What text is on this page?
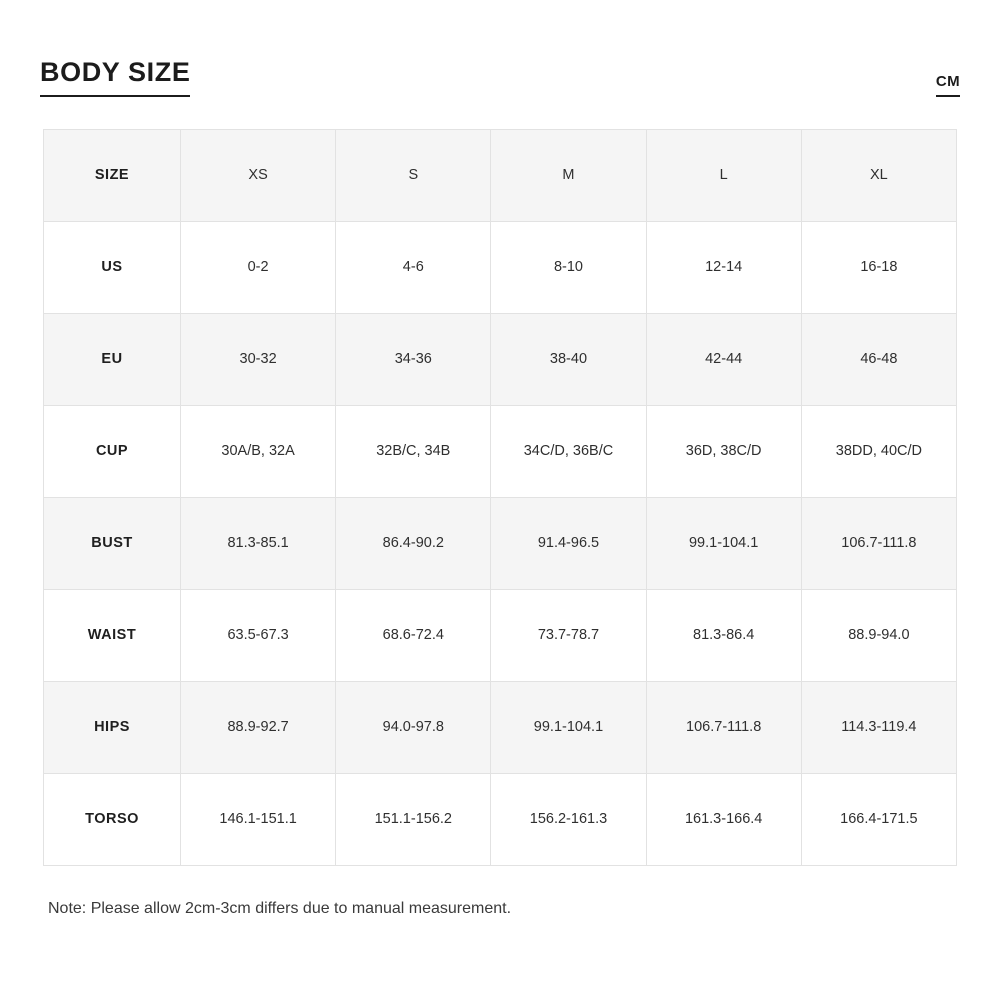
BODY SIZE	CM
SIZE	XS	S	M	L	XL
US	0-2	4-6	8-10	12-14	16-18
EU	30-32	34-36	38-40	42-44	46-48
CUP	30A/B, 32A	32B/C, 34B	34C/D, 36B/C	36D, 38C/D	38DD, 40C/D
BUST	81.3-85.1	86.4-90.2	91.4-96.5	99.1-104.1	106.7-111.8
WAIST	63.5-67.3	68.6-72.4	73.7-78.7	81.3-86.4	88.9-94.0
HIPS	88.9-92.7	94.0-97.8	99.1-104.1	106.7-111.8	114.3-119.4
TORSO	146.1-151.1	151.1-156.2	156.2-161.3	161.3-166.4	166.4-171.5
Note: Please allow 2cm-3cm differs due to manual measurement.
